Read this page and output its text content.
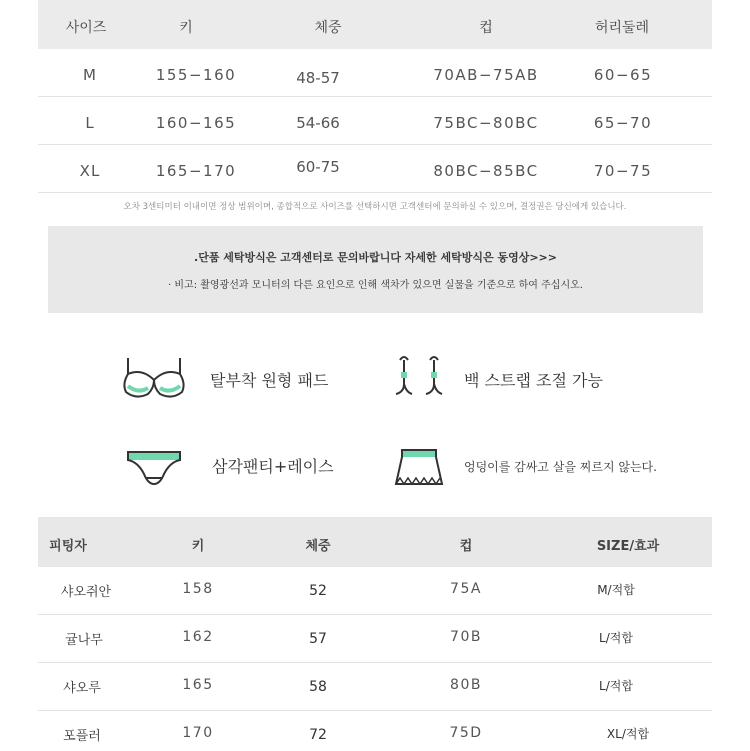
사이즈	키	체중	컵	허리둘레
M	155−160	48-57	70AB−75AB	60−65
L	160−165	54-66	75BC−80BC	65−70
XL	165−170	60-75	80BC−85BC	70−75
오차 3센티미터 이내이면 정상 범위이며, 종합적으로 사이즈를 선택하시면 고객센터에 문의하실 수 있으며, 결정권은 당신에게 있습니다.
.단품 세탁방식은 고객센터로 문의바랍니다 자세한 세탁방식은 동영상>>>
· 비고: 촬영광선과 모니터의 다른 요인으로 인해 색차가 있으면 실물을 기준으로 하여 주십시오.
탈부착 원형 패드	백 스트랩 조절 가능
삼각팬티+레이스	엉덩이를 감싸고 살을 찌르지 않는다.
피팅자	키	체중	컵	SIZE/효과
샤오쥐안	158	52	75A	M/적합
귤나무	162	57	70B	L/적합
샤오루	165	58	80B	L/적합
포플러	170	72	75D	XL/적합
